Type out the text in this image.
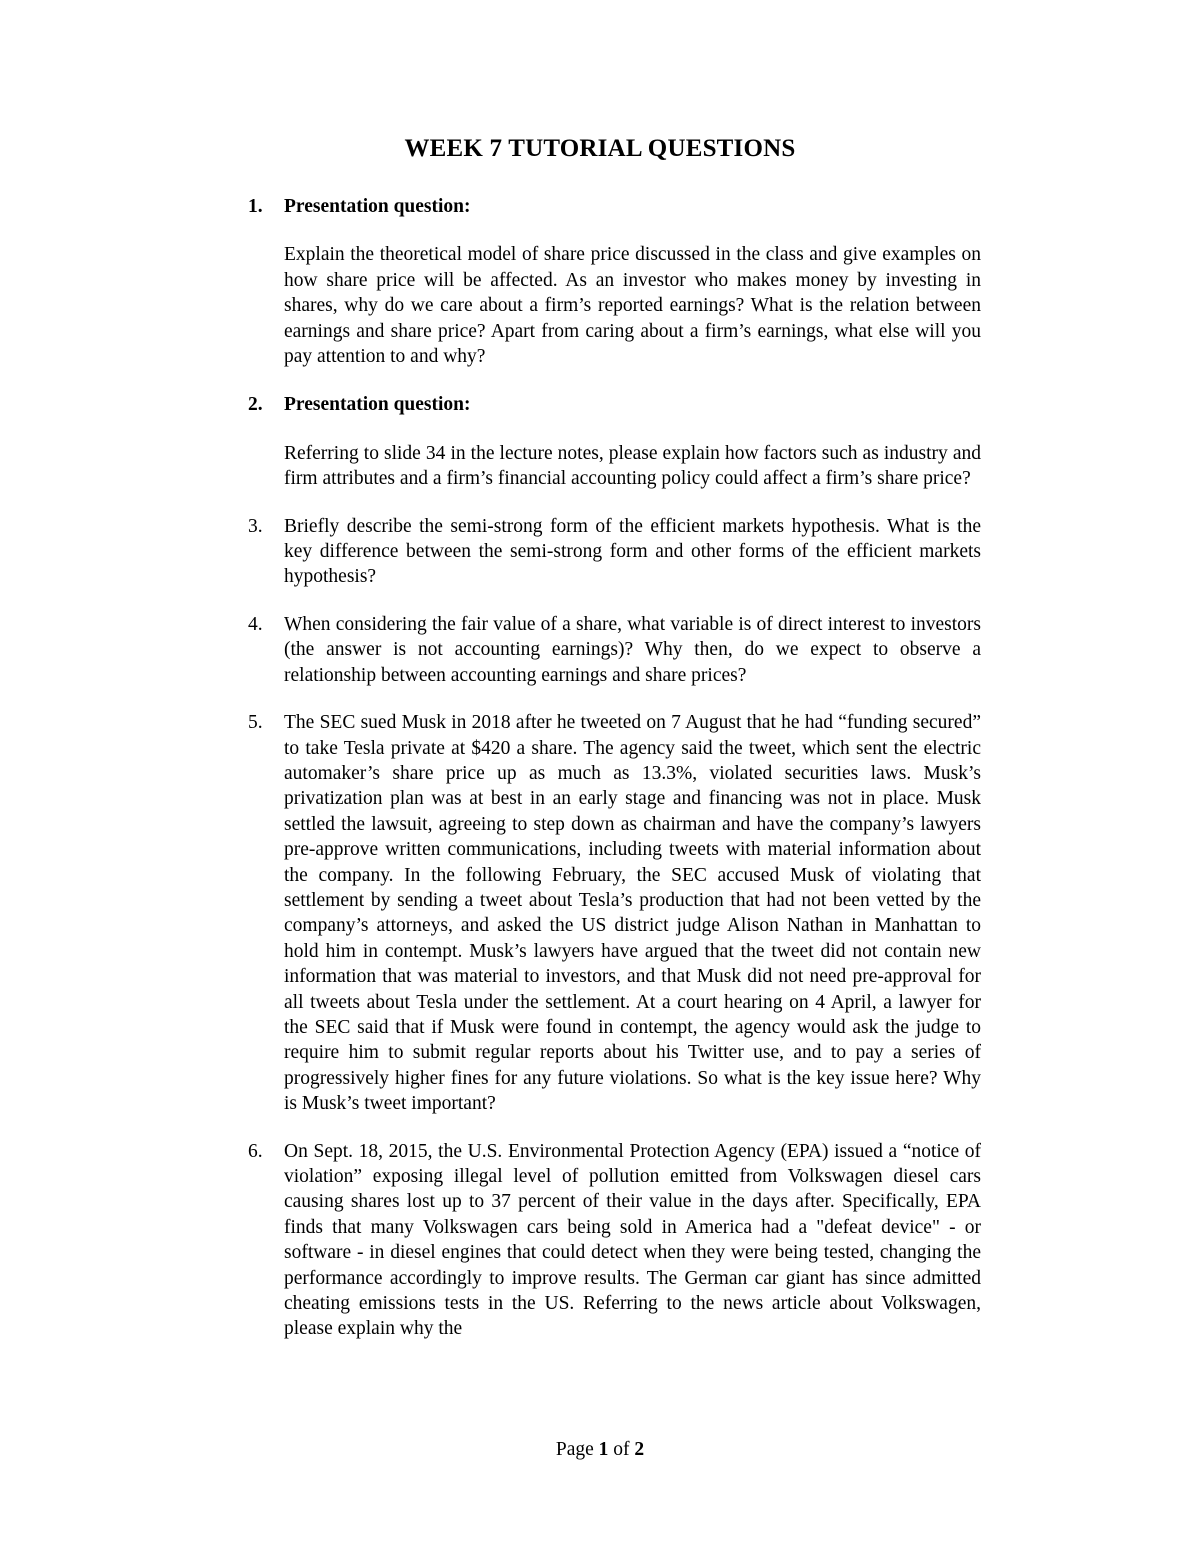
WEEK 7 TUTORIAL QUESTIONS
1. Presentation question:

Explain the theoretical model of share price discussed in the class and give examples on how share price will be affected. As an investor who makes money by investing in shares, why do we care about a firm’s reported earnings? What is the relation between earnings and share price? Apart from caring about a firm’s earnings, what else will you pay attention to and why?

2. Presentation question:

Referring to slide 34 in the lecture notes, please explain how factors such as industry and firm attributes and a firm’s financial accounting policy could affect a firm’s share price?

3. Briefly describe the semi-strong form of the efficient markets hypothesis. What is the key difference between the semi-strong form and other forms of the efficient markets hypothesis?

4. When considering the fair value of a share, what variable is of direct interest to investors (the answer is not accounting earnings)? Why then, do we expect to observe a relationship between accounting earnings and share prices?

5. The SEC sued Musk in 2018 after he tweeted on 7 August that he had “funding secured” to take Tesla private at $420 a share. The agency said the tweet, which sent the electric automaker’s share price up as much as 13.3%, violated securities laws. Musk’s privatization plan was at best in an early stage and financing was not in place. Musk settled the lawsuit, agreeing to step down as chairman and have the company’s lawyers pre-approve written communications, including tweets with material information about the company. In the following February, the SEC accused Musk of violating that settlement by sending a tweet about Tesla’s production that had not been vetted by the company’s attorneys, and asked the US district judge Alison Nathan in Manhattan to hold him in contempt. Musk’s lawyers have argued that the tweet did not contain new information that was material to investors, and that Musk did not need pre-approval for all tweets about Tesla under the settlement. At a court hearing on 4 April, a lawyer for the SEC said that if Musk were found in contempt, the agency would ask the judge to require him to submit regular reports about his Twitter use, and to pay a series of progressively higher fines for any future violations. So what is the key issue here? Why is Musk’s tweet important?

6. On Sept. 18, 2015, the U.S. Environmental Protection Agency (EPA) issued a “notice of violation” exposing illegal level of pollution emitted from Volkswagen diesel cars causing shares lost up to 37 percent of their value in the days after. Specifically, EPA finds that many Volkswagen cars being sold in America had a "defeat device" - or software - in diesel engines that could detect when they were being tested, changing the performance accordingly to improve results. The German car giant has since admitted cheating emissions tests in the US. Referring to the news article about Volkswagen, please explain why the

Page 1 of 2
